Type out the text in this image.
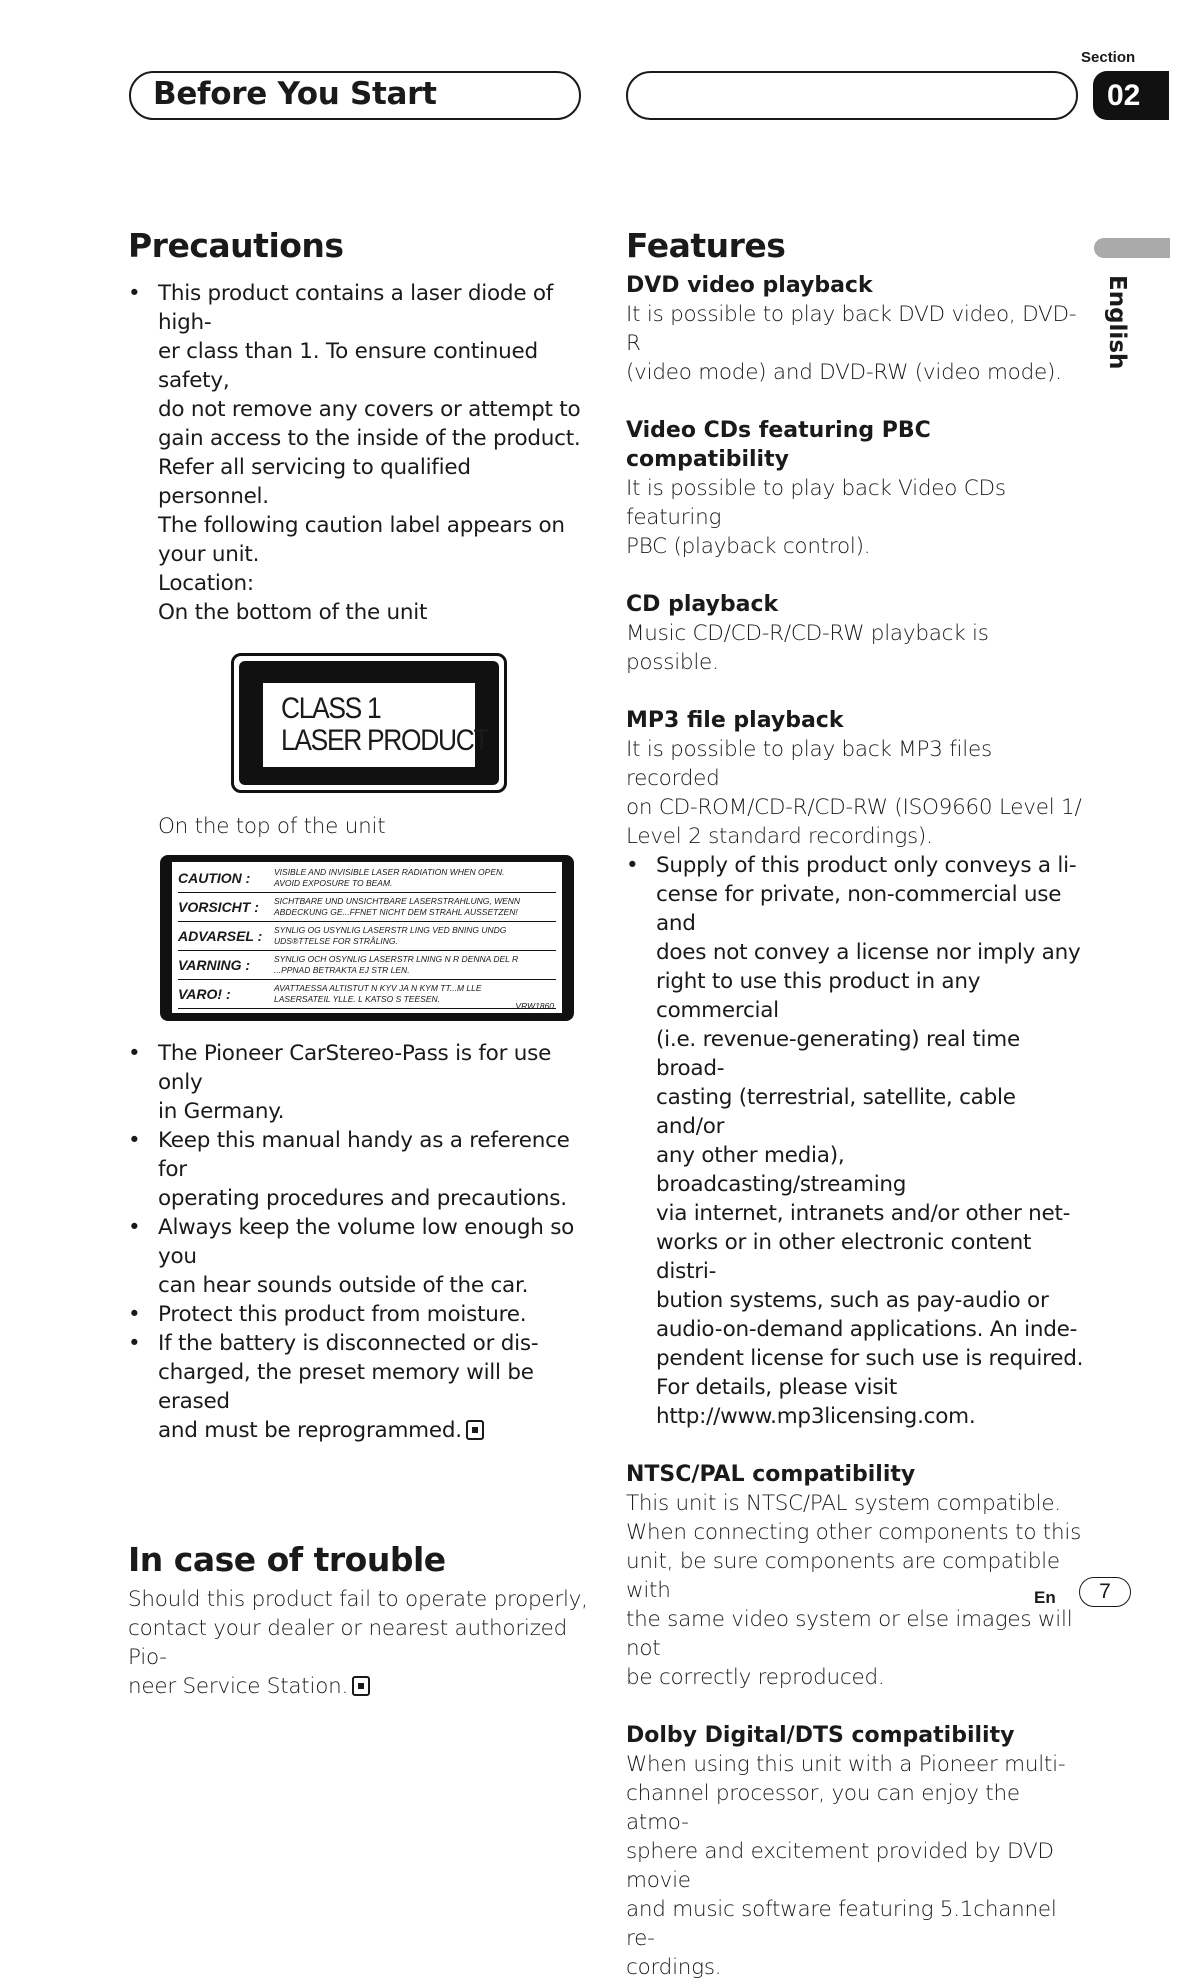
Before You Start
Section
02
English
Precautions
• This product contains a laser diode of high-
er class than 1. To ensure continued safety,
do not remove any covers or attempt to
gain access to the inside of the product.
Refer all servicing to qualified personnel.
The following caution label appears on
your unit.
Location:
On the bottom of the unit
CLASS 1
LASER PRODUCT
On the top of the unit
CAUTION :	VISIBLE AND INVISIBLE LASER RADIATION WHEN OPEN.
AVOID EXPOSURE TO BEAM.
VORSICHT :	SICHTBARE UND UNSICHTBARE LASERSTRAHLUNG, WENN
ABDECKUNG GE...FFNET NICHT DEM STRAHL AUSSETZEN!
ADVARSEL :	SYNLIG OG USYNLIG LASERSTR LING VED BNING UNDG
UDS®TTELSE FOR STRÅLING.
VARNING :	SYNLIG OCH OSYNLIG LASERSTR LNING N R DENNA DEL R
...PPNAD BETRAKTA EJ STR LEN.
VARO! :	AVATTAESSA ALTISTUT N KYV JA N KYM TT...M LLE
LASERSATEIL YLLE. L KATSO S TEESEN.
VRW1860
• The Pioneer CarStereo-Pass is for use only
in Germany.
• Keep this manual handy as a reference for
operating procedures and precautions.
• Always keep the volume low enough so you
can hear sounds outside of the car.
• Protect this product from moisture.
• If the battery is disconnected or dis-
charged, the preset memory will be erased
and must be reprogrammed.
In case of trouble
Should this product fail to operate properly,
contact your dealer or nearest authorized Pio-
neer Service Station.
Features
DVD video playback
It is possible to play back DVD video, DVD-R
(video mode) and DVD-RW (video mode).
Video CDs featuring PBC compatibility
It is possible to play back Video CDs featuring
PBC (playback control).
CD playback
Music CD/CD-R/CD-RW playback is possible.
MP3 file playback
It is possible to play back MP3 files recorded
on CD-ROM/CD-R/CD-RW (ISO9660 Level 1/
Level 2 standard recordings).
• Supply of this product only conveys a li-
cense for private, non-commercial use and
does not convey a license nor imply any
right to use this product in any commercial
(i.e. revenue-generating) real time broad-
casting (terrestrial, satellite, cable and/or
any other media), broadcasting/streaming
via internet, intranets and/or other net-
works or in other electronic content distri-
bution systems, such as pay-audio or
audio-on-demand applications. An inde-
pendent license for such use is required.
For details, please visit
http://www.mp3licensing.com.
NTSC/PAL compatibility
This unit is NTSC/PAL system compatible.
When connecting other components to this
unit, be sure components are compatible with
the same video system or else images will not
be correctly reproduced.
Dolby Digital/DTS compatibility
When using this unit with a Pioneer multi-
channel processor, you can enjoy the atmo-
sphere and excitement provided by DVD movie
and music software featuring 5.1channel re-
cordings.
En	7
